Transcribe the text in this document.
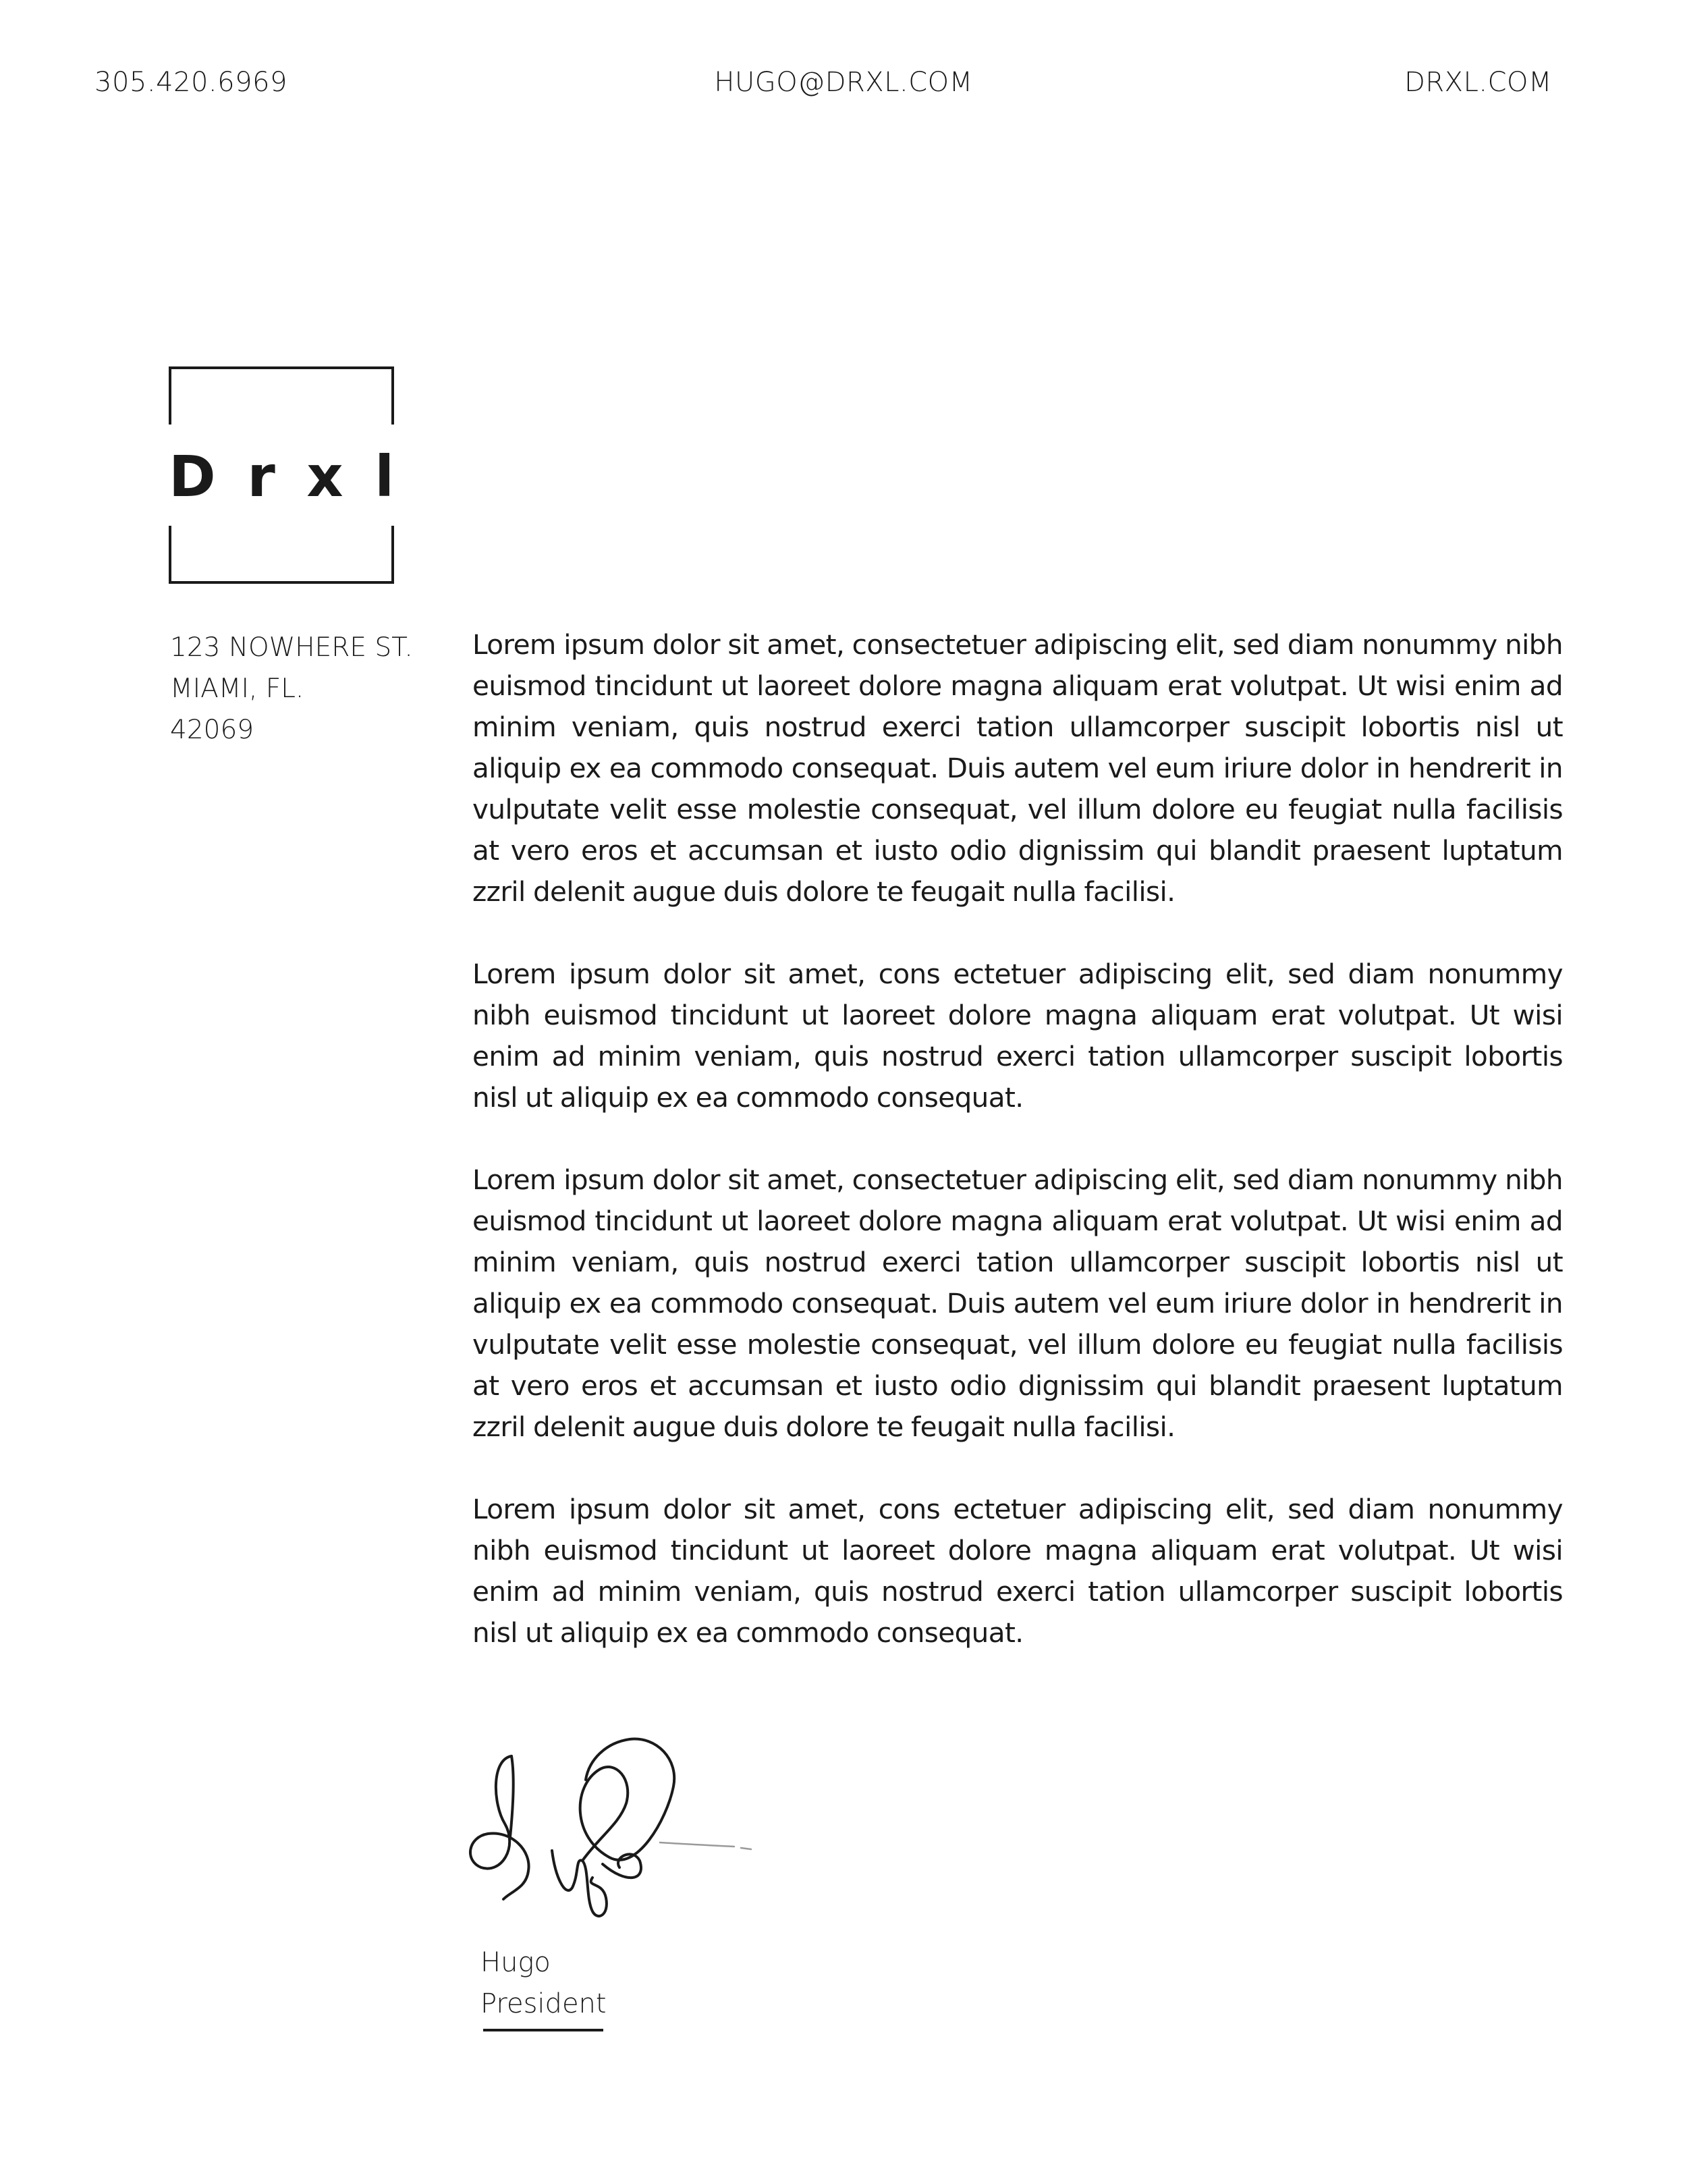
305.420.6969	HUGO@DRXL.COM	DRXL.COM
D r x l
123 NOWHERE ST.
MIAMI, FL.
42069

Lorem ipsum dolor sit amet, consectetuer adipiscing elit, sed diam nonummy nibh euismod tincidunt ut laoreet dolore magna aliquam erat volutpat. Ut wisi enim ad minim veniam, quis nostrud exerci tation ullamcorper suscipit lobortis nisl ut aliquip ex ea commodo consequat. Duis autem vel eum iriure dolor in hendrerit in vulputate velit esse molestie consequat, vel illum dolore eu feugiat nulla facilisis at vero eros et accumsan et iusto odio dignissim qui blandit praesent luptatum zzril delenit augue duis dolore te feugait nulla facilisi.

Lorem ipsum dolor sit amet, cons ectetuer adipiscing elit, sed diam nonummy nibh euismod tincidunt ut laoreet dolore magna aliquam erat volutpat. Ut wisi enim ad minim veniam, quis nostrud exerci tation ullamcorper suscipit lobortis nisl ut aliquip ex ea commodo consequat.

Lorem ipsum dolor sit amet, consectetuer adipiscing elit, sed diam nonummy nibh euismod tincidunt ut laoreet dolore magna aliquam erat volutpat. Ut wisi enim ad minim veniam, quis nostrud exerci tation ullamcorper suscipit lobortis nisl ut aliquip ex ea commodo consequat. Duis autem vel eum iriure dolor in hendrerit in vulputate velit esse molestie consequat, vel illum dolore eu feugiat nulla facilisis at vero eros et accumsan et iusto odio dignissim qui blandit praesent luptatum zzril delenit augue duis dolore te feugait nulla facilisi.

Lorem ipsum dolor sit amet, cons ectetuer adipiscing elit, sed diam nonummy nibh euismod tincidunt ut laoreet dolore magna aliquam erat volutpat. Ut wisi enim ad minim veniam, quis nostrud exerci tation ullamcorper suscipit lobortis nisl ut aliquip ex ea commodo consequat.

Hugo
President
